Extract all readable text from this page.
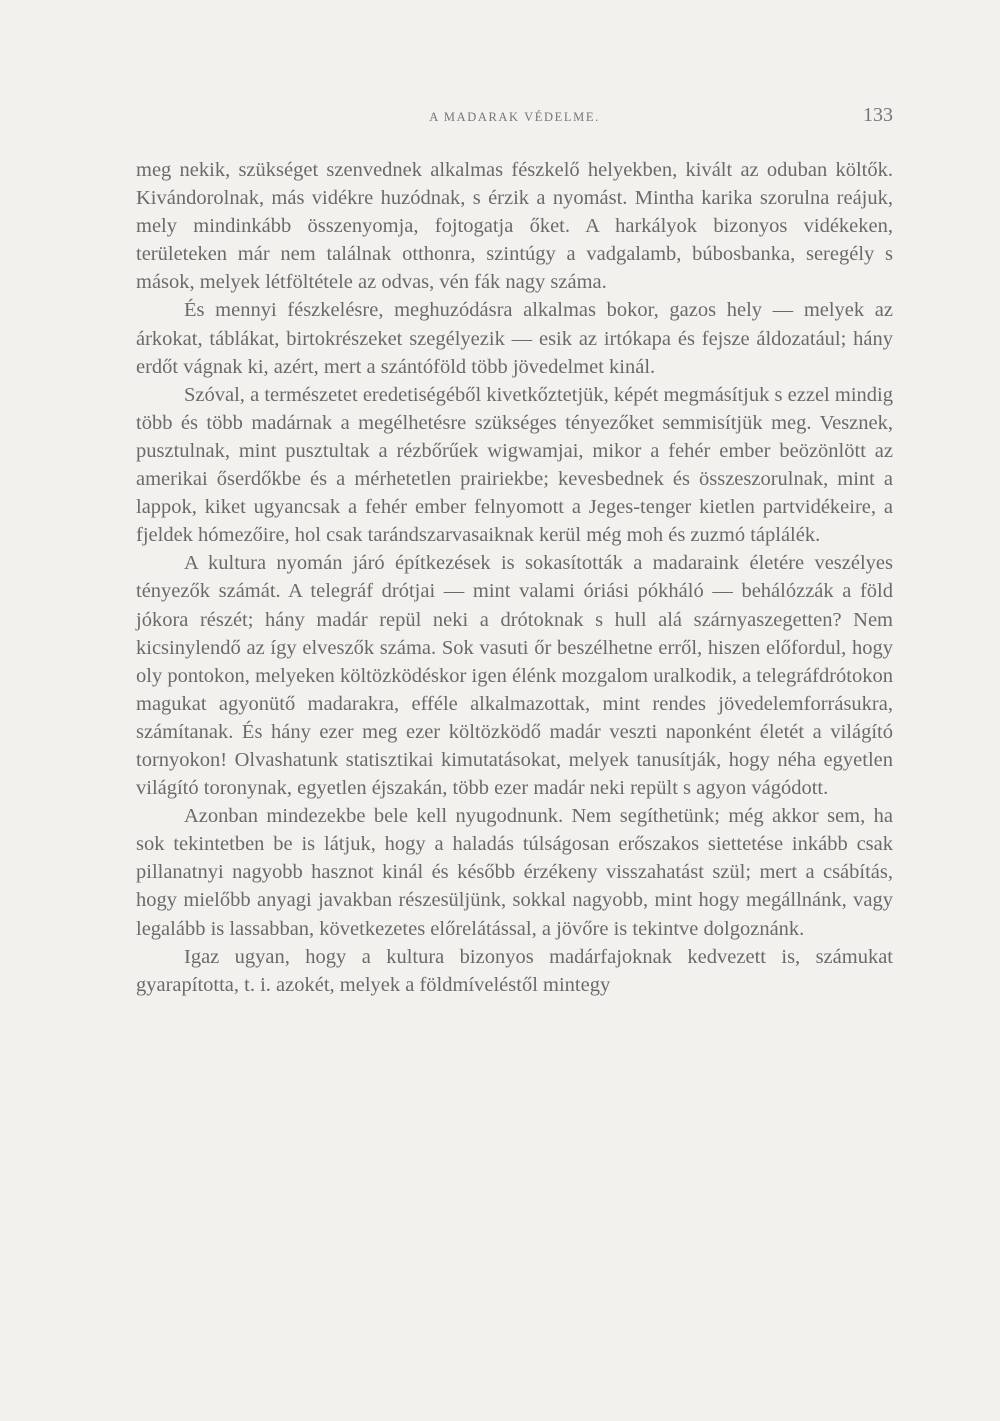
A MADARAK VÉDELME.	133

meg nekik, szükséget szenvednek alkalmas fészkelő helyekben, kivált az oduban költők. Kivándorolnak, más vidékre huzódnak, s érzik a nyomást. Mintha karika szorulna reájuk, mely mindinkább összenyomja, fojtogatja őket. A harkályok bizonyos vidékeken, területeken már nem találnak otthonra, szintúgy a vadgalamb, búbosbanka, seregély s mások, melyek létföltétele az odvas, vén fák nagy száma.

És mennyi fészkelésre, meghuzódásra alkalmas bokor, gazos hely — melyek az árkokat, táblákat, birtokrészeket szegélyezik — esik az irtókapa és fejsze áldozatául; hány erdőt vágnak ki, azért, mert a szántóföld több jövedelmet kinál.

Szóval, a természetet eredetiségéből kivetkőztetjük, képét megmásítjuk s ezzel mindig több és több madárnak a megélhetésre szükséges tényezőket semmisítjük meg. Vesznek, pusztulnak, mint pusztultak a rézbőrűek wigwamjai, mikor a fehér ember beözönlött az amerikai őserdőkbe és a mérhetetlen prairiekbe; kevesbednek és összeszorulnak, mint a lappok, kiket ugyancsak a fehér ember felnyomott a Jeges-tenger kietlen partvidékeire, a fjeldek hómezőire, hol csak tarándszarvasaiknak kerül még moh és zuzmó táplálék.

A kultura nyomán járó építkezések is sokasították a madaraink életére veszélyes tényezők számát. A telegráf drótjai — mint valami óriási pókháló — behálózzák a föld jókora részét; hány madár repül neki a drótoknak s hull alá szárnyaszegetten? Nem kicsinylendő az így elveszők száma. Sok vasuti őr beszélhetne erről, hiszen előfordul, hogy oly pontokon, melyeken költözködéskor igen élénk mozgalom uralkodik, a telegráfdrótokon magukat agyonütő madarakra, efféle alkalmazottak, mint rendes jövedelemforrásukra, számítanak. És hány ezer meg ezer költözködő madár veszti naponként életét a világító tornyokon! Olvashatunk statisztikai kimutatásokat, melyek tanusítják, hogy néha egyetlen világító toronynak, egyetlen éjszakán, több ezer madár neki repült s agyon vágódott.

Azonban mindezekbe bele kell nyugodnunk. Nem segíthetünk; még akkor sem, ha sok tekintetben be is látjuk, hogy a haladás túlságosan erőszakos siettetése inkább csak pillanatnyi nagyobb hasznot kinál és később érzékeny visszahatást szül; mert a csábítás, hogy mielőbb anyagi javakban részesüljünk, sokkal nagyobb, mint hogy megállnánk, vagy legalább is lassabban, következetes előrelátással, a jövőre is tekintve dolgoznánk.

Igaz ugyan, hogy a kultura bizonyos madárfajoknak kedvezett is, számukat gyarapította, t. i. azokét, melyek a földmíveléstől mintegy
